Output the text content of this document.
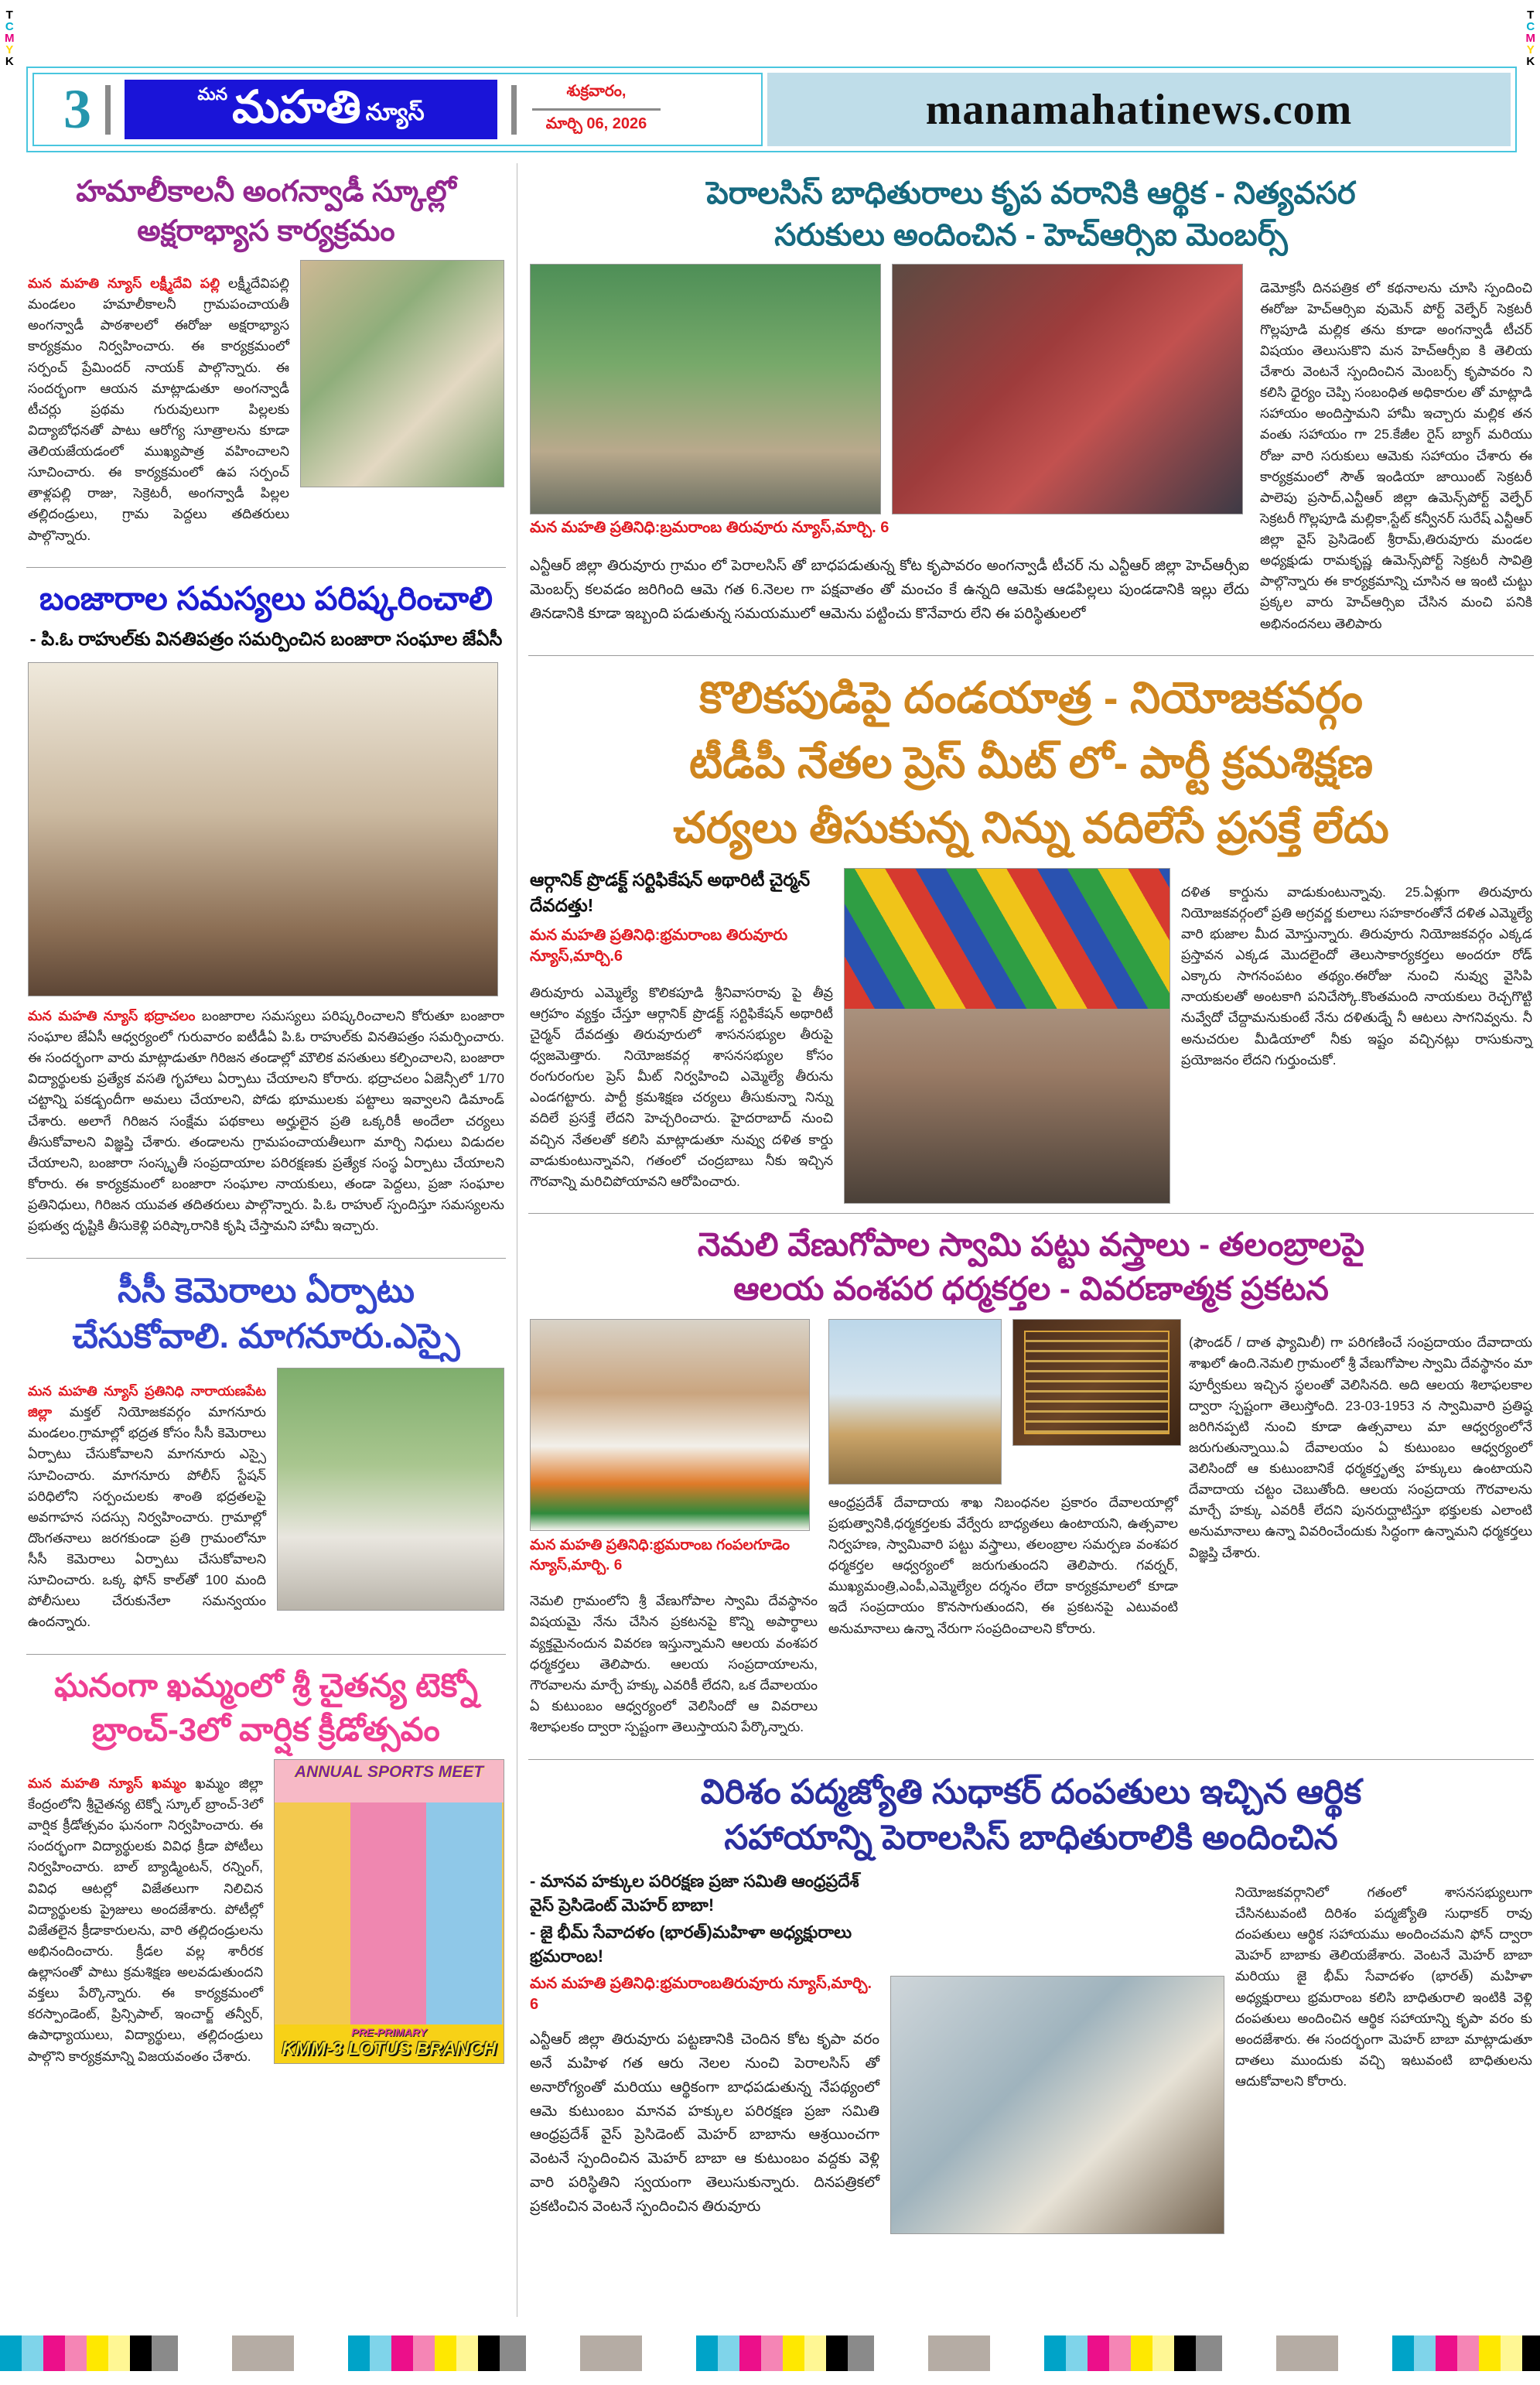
T
C
M
Y
K
T
C
M
Y
K
3	మన మహతి న్యూస్
శుక్రవారం,
మార్చి 06, 2026	manamahatinews.com
హమాలీకాలనీ అంగన్వాడీ స్కూల్లో
అక్షరాభ్యాస కార్యక్రమం

మన మహతి న్యూస్ లక్ష్మీదేవి పల్లి లక్ష్మీదేవిపల్లి మండలం హమాలీకాలనీ గ్రామపంచాయతీ అంగన్వాడీ పాఠశాలలో ఈరోజు అక్షరాభ్యాస కార్యక్రమం నిర్వహించారు. ఈ కార్యక్రమంలో సర్పంచ్ ప్రేమిందర్ నాయక్ పాల్గొన్నారు. ఈ సందర్భంగా ఆయన మాట్లాడుతూ అంగన్వాడీ టీచర్లు ప్రథమ గురువులుగా పిల్లలకు విద్యాబోధనతో పాటు ఆరోగ్య సూత్రాలను కూడా తెలియజేయడంలో ముఖ్యపాత్ర వహించాలని సూచించారు. ఈ కార్యక్రమంలో ఉప సర్పంచ్ తాళ్లపల్లి రాజు, సెక్రెటరీ, అంగన్వాడీ పిల్లల తల్లిదండ్రులు, గ్రామ పెద్దలు తదితరులు పాల్గొన్నారు.

బంజారాల సమస్యలు పరిష్కరించాలి
- పి.ఓ రాహుల్‌కు వినతిపత్రం సమర్పించిన బంజారా సంఘాల జేఏసీ

మన మహతి న్యూస్ భద్రాచలం బంజారాల సమస్యలు పరిష్కరించాలని కోరుతూ బంజారా సంఘాల జేఏసీ ఆధ్వర్యంలో గురువారం ఐటీడీఏ పి.ఓ రాహుల్‌కు వినతిపత్రం సమర్పించారు. ఈ సందర్భంగా వారు మాట్లాడుతూ గిరిజన తండాల్లో మౌలిక వసతులు కల్పించాలని, బంజారా విద్యార్థులకు ప్రత్యేక వసతి గృహాలు ఏర్పాటు చేయాలని కోరారు. భద్రాచలం ఏజెన్సీలో 1/70 చట్టాన్ని పకడ్బందీగా అమలు చేయాలని, పోడు భూములకు పట్టాలు ఇవ్వాలని డిమాండ్ చేశారు. అలాగే గిరిజన సంక్షేమ పథకాలు అర్హులైన ప్రతి ఒక్కరికీ అందేలా చర్యలు తీసుకోవాలని విజ్ఞప్తి చేశారు. తండాలను గ్రామపంచాయతీలుగా మార్చి నిధులు విడుదల చేయాలని, బంజారా సంస్కృతీ సంప్రదాయాల పరిరక్షణకు ప్రత్యేక సంస్థ ఏర్పాటు చేయాలని కోరారు. ఈ కార్యక్రమంలో బంజారా సంఘాల నాయకులు, తండా పెద్దలు, ప్రజా సంఘాల ప్రతినిధులు, గిరిజన యువత తదితరులు పాల్గొన్నారు. పి.ఓ రాహుల్ స్పందిస్తూ సమస్యలను ప్రభుత్వ దృష్టికి తీసుకెళ్లి పరిష్కారానికి కృషి చేస్తామని హామీ ఇచ్చారు.

సీసీ కెమెరాలు ఏర్పాటు
చేసుకోవాలి. మాగనూరు.ఎస్సై

మన మహతి న్యూస్ ప్రతినిధి నారాయణపేట జిల్లా మక్తల్ నియోజకవర్గం మాగనూరు మండలం.గ్రామాల్లో భద్రత కోసం సీసీ కెమెరాలు ఏర్పాటు చేసుకోవాలని మాగనూరు ఎస్సై సూచించారు. మాగనూరు పోలీస్ స్టేషన్ పరిధిలోని సర్పంచులకు శాంతి భద్రతలపై అవగాహన సదస్సు నిర్వహించారు. గ్రామాల్లో దొంగతనాలు జరగకుండా ప్రతి గ్రామంలోనూ సీసీ కెమెరాలు ఏర్పాటు చేసుకోవాలని సూచించారు. ఒక్క ఫోన్ కాల్‌తో 100 మంది పోలీసులు చేరుకునేలా సమన్వయం ఉందన్నారు.

ఘనంగా ఖమ్మంలో శ్రీ చైతన్య టెక్నో
బ్రాంచ్-3లో వార్షిక క్రీడోత్సవం

మన మహతి న్యూస్ ఖమ్మం ఖమ్మం జిల్లా కేంద్రంలోని శ్రీచైతన్య టెక్నో స్కూల్ బ్రాంచ్-3లో వార్షిక క్రీడోత్సవం ఘనంగా నిర్వహించారు. ఈ సందర్భంగా విద్యార్థులకు వివిధ క్రీడా పోటీలు నిర్వహించారు. బాల్ బ్యాడ్మింటన్, రన్నింగ్, వివిధ ఆటల్లో విజేతలుగా నిలిచిన విద్యార్థులకు ప్రైజులు అందజేశారు. పోటీల్లో విజేతలైన క్రీడాకారులను, వారి తల్లిదండ్రులను అభినందించారు. క్రీడల వల్ల శారీరక ఉల్లాసంతో పాటు క్రమశిక్షణ అలవడుతుందని వక్తలు పేర్కొన్నారు. ఈ కార్యక్రమంలో కరస్పాండెంట్, ప్రిన్సిపాల్, ఇంచార్జ్ తన్వీర్, ఉపాధ్యాయులు, విద్యార్థులు, తల్లిదండ్రులు పాల్గొని కార్యక్రమాన్ని విజయవంతం చేశారు.

ANNUAL SPORTS MEET
PRE-PRIMARY
KMM-3 LOTUS BRANCH
పెరాలసిస్ బాధితురాలు కృప వరానికి ఆర్థిక - నిత్యవసర
సరుకులు అందించిన - హెచ్ఆర్సిఐ మెంబర్స్
మన మహతి ప్రతినిధి:బ్రమరాంబ తిరువూరు న్యూస్,మార్చి. 6

ఎన్టీఆర్ జిల్లా తిరువూరు గ్రామం లో పెరాలసిస్ తో బాధపడుతున్న కోట కృపావరం అంగన్వాడీ టీచర్ ను ఎన్టీఆర్ జిల్లా హెచ్ఆర్సీఐ మెంబర్స్ కలవడం జరిగింది ఆమె గత 6.నెలల గా పక్షవాతం తో మంచం కే ఉన్నది ఆమెకు ఆడపిల్లలు పుండడానికి ఇల్లు లేదు తినడానికి కూడా ఇబ్బంది పడుతున్న సమయములో ఆమెను పట్టించు కొనేవారు లేని ఈ పరిస్థితులలో

డెమోక్రసీ దినపత్రిక లో కథనాలను చూసి స్పందించి ఈరోజు హెచ్ఆర్సిఐ వుమెన్ పోర్ట్ వెల్ఫేర్ సెక్రటరీ గొల్లపూడి మల్లిక తను కూడా అంగన్వాడీ టీచర్ విషయం తెలుసుకొని మన హెచ్ఆర్సీఐ కి తెలియ చేశారు వెంటనే స్పందించిన మెంబర్స్ కృపావరం ని కలిసి ధైర్యం చెప్పి సంబంధిత అధికారుల తో మాట్లాడి సహాయం అందిస్తామని హామీ ఇచ్చారు మల్లిక తన వంతు సహాయం గా 25.కేజీల రైస్ బ్యాగ్ మరియు రోజు వారి సరుకులు ఆమెకు సహాయం చేశారు ఈ కార్యక్రమంలో సౌత్ ఇండియా జాయింట్ సెక్రటరీ పాలెపు ప్రసాద్,ఎన్టీఆర్ జిల్లా ఉమెన్స్‌పోర్ట్ వెల్ఫేర్ సెక్రటరీ గొల్లపూడి మల్లికా,స్టేట్ కన్వీనర్ సురేష్ ఎన్టీఆర్ జిల్లా వైస్ ప్రెసిడెంట్ శ్రీరామ్,తిరువూరు మండల అధ్యక్షుడు రామకృష్ణ ఉమెన్స్‌పోర్ట్ సెక్రటరీ సావిత్రి పాల్గొన్నారు ఈ కార్యక్రమాన్ని చూసిన ఆ ఇంటి చుట్టు ప్రక్కల వారు హెచ్ఆర్సిఐ చేసిన మంచి పనికి అభినందనలు తెలిపారు

కొలికపుడిపై దండయాత్ర - నియోజకవర్గం
టీడీపీ నేతల ప్రెస్ మీట్ లో- పార్టీ క్రమశిక్షణ
చర్యలు తీసుకున్న నిన్ను వదిలేసే ప్రసక్తే లేదు
ఆర్గానిక్ ప్రొడక్ట్ సర్టిఫికేషన్ అథారిటీ చైర్మన్ దేవదత్తు!
మన మహతి ప్రతినిధి:భ్రమరాంబ తిరువూరు న్యూస్,మార్చి.6

తిరువూరు ఎమ్మెల్యే కొలికపూడి శ్రీనివాసరావు పై తీవ్ర ఆగ్రహం వ్యక్తం చేస్తూ ఆర్గానిక్ ప్రొడక్ట్ సర్టిఫికేషన్ అథారిటీ చైర్మన్ దేవదత్తు తిరువూరులో శాసనసభ్యుల తీరుపై ధ్వజమెత్తారు. నియోజకవర్గ శాసనసభ్యుల కోసం రంగురంగుల ప్రెస్ మీట్ నిర్వహించి ఎమ్మెల్యే తీరును ఎండగట్టారు. పార్టీ క్రమశిక్షణ చర్యలు తీసుకున్నా నిన్ను వదిలే ప్రసక్తే లేదని హెచ్చరించారు. హైదరాబాద్ నుంచి వచ్చిన నేతలతో కలిసి మాట్లాడుతూ నువ్వు దళిత కార్డు వాడుకుంటున్నావని, గతంలో చంద్రబాబు నీకు ఇచ్చిన గౌరవాన్ని మరిచిపోయావని ఆరోపించారు.

దళిత కార్డును వాడుకుంటున్నావు. 25.ఏళ్లుగా తిరువూరు నియోజకవర్గంలో ప్రతి అగ్రవర్ణ కులాలు సహకారంతోనే దళిత ఎమ్మెల్యే వారి భుజాల మీద మోస్తున్నారు. తిరువూరు నియోజకవర్గం ఎక్కడ ప్రస్తావన ఎక్కడ మొదలైందో తెలుసాకార్యకర్తలు అందరూ రోడ్ ఎక్కారు సాగనంపటం తథ్యం.ఈరోజు నుంచి నువ్వు వైసిపి నాయకులతో అంటకాగి పనిచేస్కో.కొంతమంది నాయకులు రెచ్చగొట్టి నువ్వేదో చేద్దామనుకుంటే నేను దళితుడ్నే నీ ఆటలు సాగనివ్వను. నీ అనుచరుల మీడియాలో నీకు ఇష్టం వచ్చినట్లు రాసుకున్నా ప్రయోజనం లేదని గుర్తుంచుకో.

నెమలి వేణుగోపాల స్వామి పట్టు వస్త్రాలు - తలంబ్రాలపై
ఆలయ వంశపర ధర్మకర్తల - వివరణాత్మక ప్రకటన
మన మహతి ప్రతినిధి:భ్రమరాంబ గంపలగూడెం న్యూస్,మార్చి. 6

నెమలి గ్రామంలోని శ్రీ వేణుగోపాల స్వామి దేవస్థానం విషయమై నేను చేసిన ప్రకటనపై కొన్ని అపార్థాలు వ్యక్తమైనందున వివరణ ఇస్తున్నామని ఆలయ వంశపర ధర్మకర్తలు తెలిపారు. ఆలయ సంప్రదాయాలను, గౌరవాలను మార్చే హక్కు ఎవరికీ లేదని, ఒక దేవాలయం ఏ కుటుంబం ఆధ్వర్యంలో వెలిసిందో ఆ వివరాలు శిలాఫలకం ద్వారా స్పష్టంగా తెలుస్తాయని పేర్కొన్నారు.

ఆంధ్రప్రదేశ్ దేవాదాయ శాఖ నిబంధనల ప్రకారం దేవాలయాల్లో ప్రభుత్వానికి,ధర్మకర్తలకు వేర్వేరు బాధ్యతలు ఉంటాయని, ఉత్సవాల నిర్వహణ, స్వామివారి పట్టు వస్త్రాలు, తలంబ్రాల సమర్పణ వంశపర ధర్మకర్తల ఆధ్వర్యంలో జరుగుతుందని తెలిపారు. గవర్నర్, ముఖ్యమంత్రి,ఎంపీ,ఎమ్మెల్యేల దర్శనం లేదా కార్యక్రమాలలో కూడా ఇదే సంప్రదాయం కొనసాగుతుందని, ఈ ప్రకటనపై ఎటువంటి అనుమానాలు ఉన్నా నేరుగా సంప్రదించాలని కోరారు.

(ఫౌండర్ / దాత ఫ్యామిలీ) గా పరిగణించే సంప్రదాయం దేవాదాయ శాఖలో ఉంది.నెమలి గ్రామంలో శ్రీ వేణుగోపాల స్వామి దేవస్థానం మా పూర్వీకులు ఇచ్చిన స్థలంతో వెలిసినది. అది ఆలయ శిలాఫలకాల ద్వారా స్పష్టంగా తెలుస్తోంది. 23-03-1953 న స్వామివారి ప్రతిష్ఠ జరిగినప్పటి నుంచి కూడా ఉత్సవాలు మా ఆధ్వర్యంలోనే జరుగుతున్నాయి.ఏ దేవాలయం ఏ కుటుంబం ఆధ్వర్యంలో వెలిసిందో ఆ కుటుంబానికే ధర్మకర్తృత్వ హక్కులు ఉంటాయని దేవాదాయ చట్టం చెబుతోంది. ఆలయ సంప్రదాయ గౌరవాలను మార్చే హక్కు ఎవరికీ లేదని పునరుద్ఘాటిస్తూ భక్తులకు ఎలాంటి అనుమానాలు ఉన్నా వివరించేందుకు సిద్ధంగా ఉన్నామని ధర్మకర్తలు విజ్ఞప్తి చేశారు.

విరిశం పద్మజ్యోతి సుధాకర్ దంపతులు ఇచ్చిన ఆర్థిక
సహాయాన్ని పెరాలసిస్ బాధితురాలికి అందించిన
- మానవ హక్కుల పరిరక్షణ ప్రజా సమితి ఆంధ్రప్రదేశ్ వైస్ ప్రెసిడెంట్ మెహర్ బాబా!
- జై భీమ్ సేవాదళం (భారత్)మహిళా అధ్యక్షురాలు భ్రమరాంబ!
మన మహతి ప్రతినిధి:భ్రమరాంబతిరువూరు న్యూస్,మార్చి. 6

ఎన్టీఆర్ జిల్లా తిరువూరు పట్టణానికి చెందిన కోట కృపా వరం అనే మహిళ గత ఆరు నెలల నుంచి పెరాలసిస్ తో అనారోగ్యంతో మరియు ఆర్థికంగా బాధపడుతున్న నేపథ్యంలో ఆమె కుటుంబం మానవ హక్కుల పరిరక్షణ ప్రజా సమితి ఆంధ్రప్రదేశ్ వైస్ ప్రెసిడెంట్ మెహర్ బాబాను ఆశ్రయించగా వెంటనే స్పందించిన మెహర్ బాబా ఆ కుటుంబం వద్దకు వెళ్లి వారి పరిస్థితిని స్వయంగా తెలుసుకున్నారు. దినపత్రికలో ప్రకటించిన వెంటనే స్పందించిన తిరువూరు

నియోజకవర్గానిలో గతంలో శాసనసభ్యులుగా చేసినటువంటి దిరిశం పద్మజ్యోతి సుధాకర్ రావు దంపతులు ఆర్థిక సహాయము అందించమని ఫోన్ ద్వారా మెహర్ బాబాకు తెలియజేశారు. వెంటనే మెహర్ బాబా మరియు జై భీమ్ సేవాదళం (భారత్) మహిళా అధ్యక్షురాలు భ్రమరాంబ కలిసి బాధితురాలి ఇంటికి వెళ్లి దంపతులు అందించిన ఆర్థిక సహాయాన్ని కృపా వరం కు అందజేశారు. ఈ సందర్భంగా మెహర్ బాబా మాట్లాడుతూ దాతలు ముందుకు వచ్చి ఇటువంటి బాధితులను ఆదుకోవాలని కోరారు.
